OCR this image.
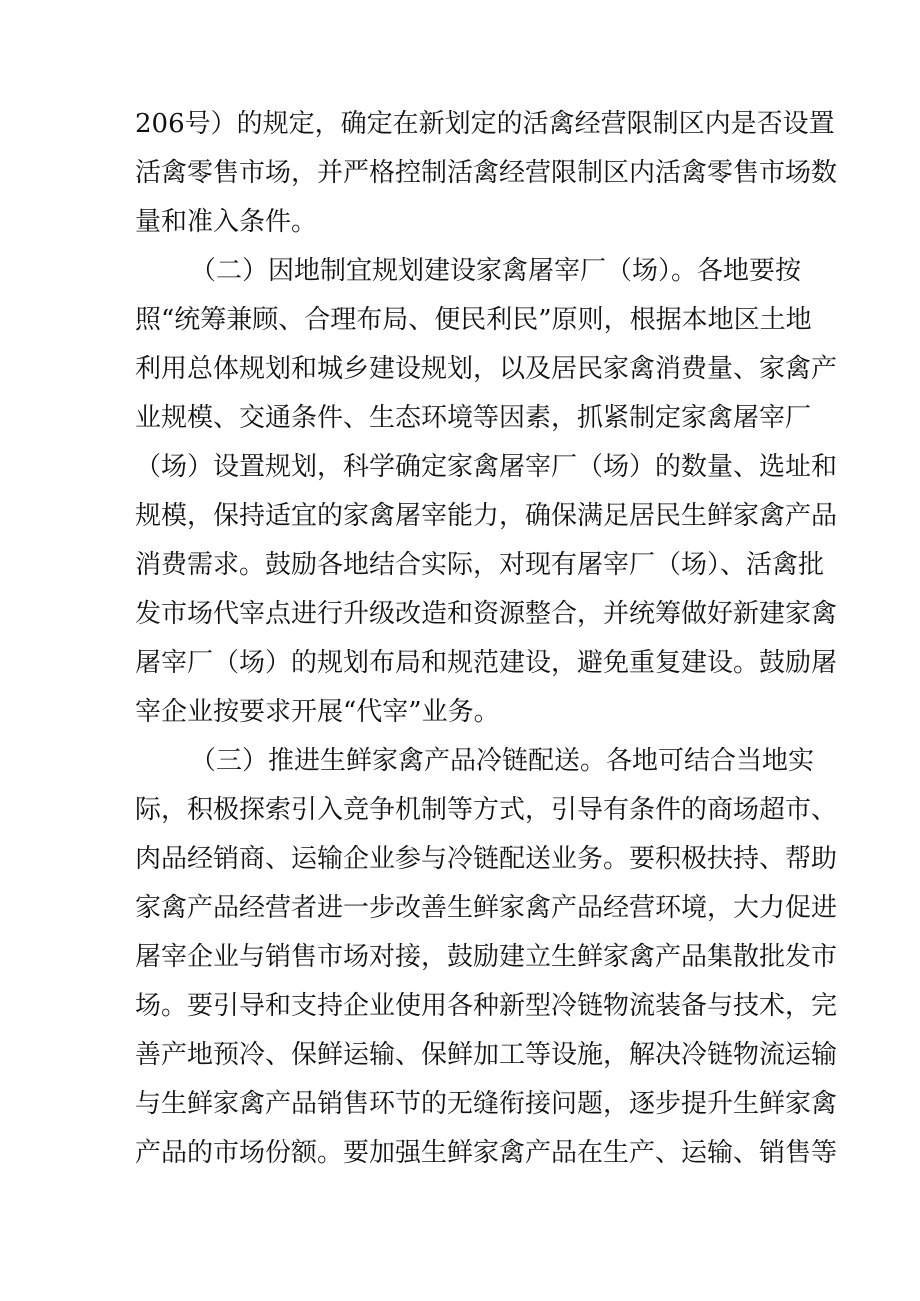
206号）的规定，确定在新划定的活禽经营限制区内是否设置
活禽零售市场，并严格控制活禽经营限制区内活禽零售市场数
量和准入条件。
（二）因地制宜规划建设家禽屠宰厂（场）。各地要按
照“统筹兼顾、合理布局、便民利民”原则，根据本地区土地
利用总体规划和城乡建设规划，以及居民家禽消费量、家禽产
业规模、交通条件、生态环境等因素，抓紧制定家禽屠宰厂
（场）设置规划，科学确定家禽屠宰厂（场）的数量、选址和
规模，保持适宜的家禽屠宰能力，确保满足居民生鲜家禽产品
消费需求。鼓励各地结合实际，对现有屠宰厂（场）、活禽批
发市场代宰点进行升级改造和资源整合，并统筹做好新建家禽
屠宰厂（场）的规划布局和规范建设，避免重复建设。鼓励屠
宰企业按要求开展“代宰”业务。
（三）推进生鲜家禽产品冷链配送。各地可结合当地实
际，积极探索引入竞争机制等方式，引导有条件的商场超市、
肉品经销商、运输企业参与冷链配送业务。要积极扶持、帮助
家禽产品经营者进一步改善生鲜家禽产品经营环境，大力促进
屠宰企业与销售市场对接，鼓励建立生鲜家禽产品集散批发市
场。要引导和支持企业使用各种新型冷链物流装备与技术，完
善产地预冷、保鲜运输、保鲜加工等设施，解决冷链物流运输
与生鲜家禽产品销售环节的无缝衔接问题，逐步提升生鲜家禽
产品的市场份额。要加强生鲜家禽产品在生产、运输、销售等
